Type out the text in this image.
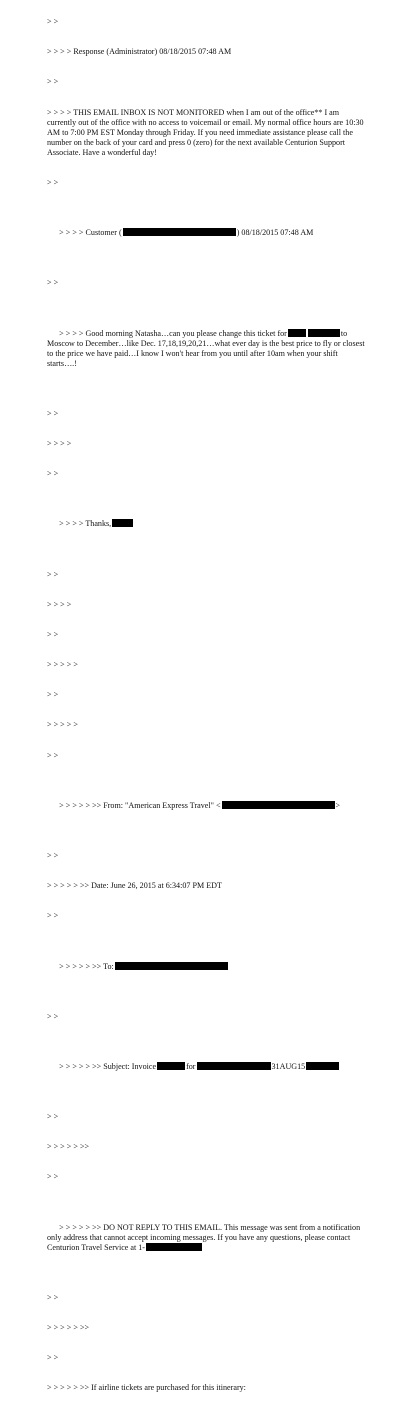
> >

> > > > Response (Administrator) 08/18/2015 07:48 AM

> >

> > > > THIS EMAIL INBOX IS NOT MONITORED when I am out of the office** I am currently out of the office with no access to voicemail or email. My normal office hours are 10:30 AM to 7:00 PM EST Monday through Friday. If you need immediate assistance please call the number on the back of your card and press 0 (zero) for the next available Centurion Support Associate. Have a wonderful day!

> >

> > > > Customer (	) 08/18/2015 07:48 AM

> >

> > > > Good morning Natasha…can you please change this ticket for	to Moscow to December…like Dec. 17,18,19,20,21…what ever day is the best price to fly or closest to the price we have paid…I know I won't hear from you until after 10am when your shift starts….!

> >

> > > >

> >

> > > > Thanks,

> >

> > > >

> >

> > > > >

> >

> > > > >

> >

> > > > > >> From: "American Express Travel" <	>

> >

> > > > > >> Date: June 26, 2015 at 6:34:07 PM EDT

> >

> > > > > >> To:

> >

> > > > > >> Subject: Invoice	for	31AUG15

> >

> > > > > >>

> >

> > > > > >> DO NOT REPLY TO THIS EMAIL. This message was sent from a notification only address that cannot accept incoming messages. If you have any questions, please contact Centurion Travel Service at 1-

> >

> > > > > >>

> >

> > > > > >> If airline tickets are purchased for this itinerary:
